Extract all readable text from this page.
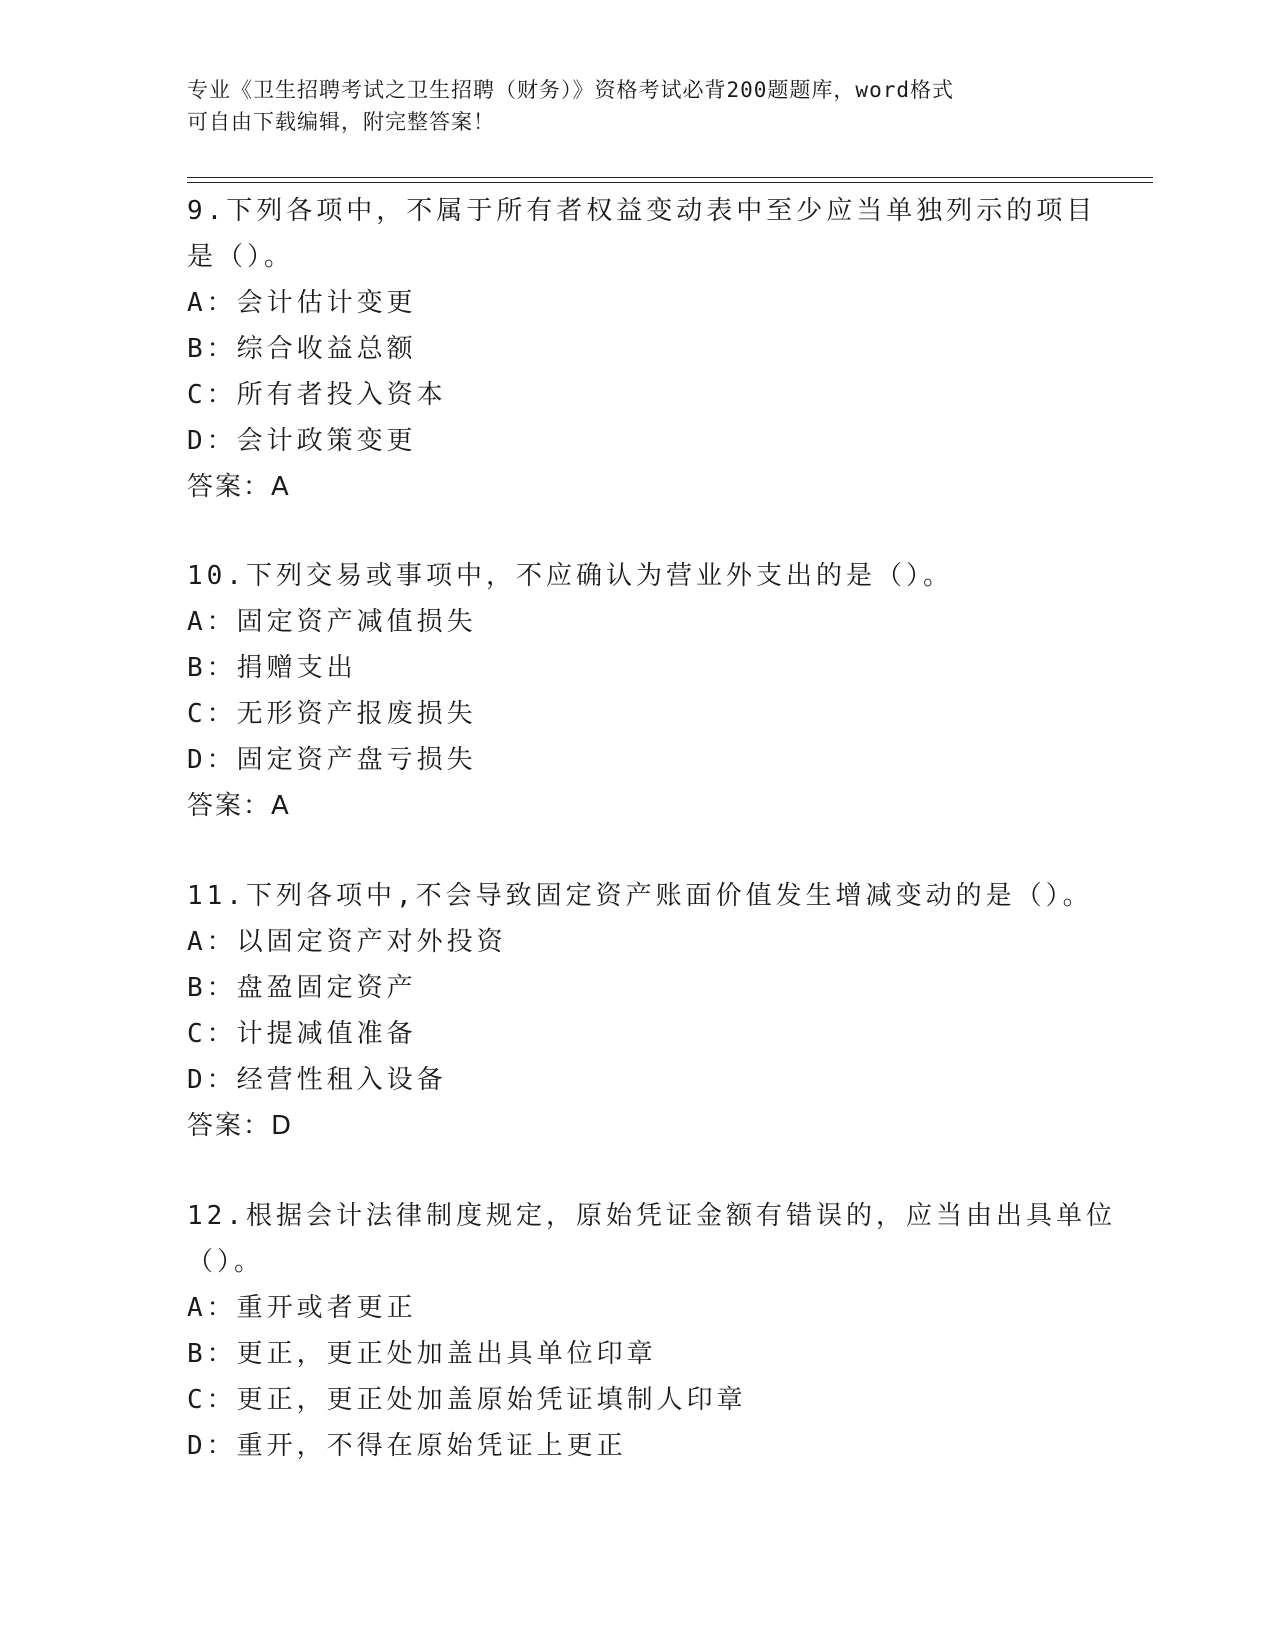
专业《卫生招聘考试之卫生招聘（财务）》资格考试必背200题题库，word格式
可自由下载编辑，附完整答案！
9.下列各项中，不属于所有者权益变动表中至少应当单独列示的项目
是（）。
A：会计估计变更
B：综合收益总额
C：所有者投入资本
D：会计政策变更
答案：A
10.下列交易或事项中，不应确认为营业外支出的是（）。
A：固定资产减值损失
B：捐赠支出
C：无形资产报废损失
D：固定资产盘亏损失
答案：A
11.下列各项中,不会导致固定资产账面价值发生增减变动的是（）。
A：以固定资产对外投资
B：盘盈固定资产
C：计提减值准备
D：经营性租入设备
答案：D
12.根据会计法律制度规定，原始凭证金额有错误的，应当由出具单位
（）。
A：重开或者更正
B：更正，更正处加盖出具单位印章
C：更正，更正处加盖原始凭证填制人印章
D：重开，不得在原始凭证上更正
